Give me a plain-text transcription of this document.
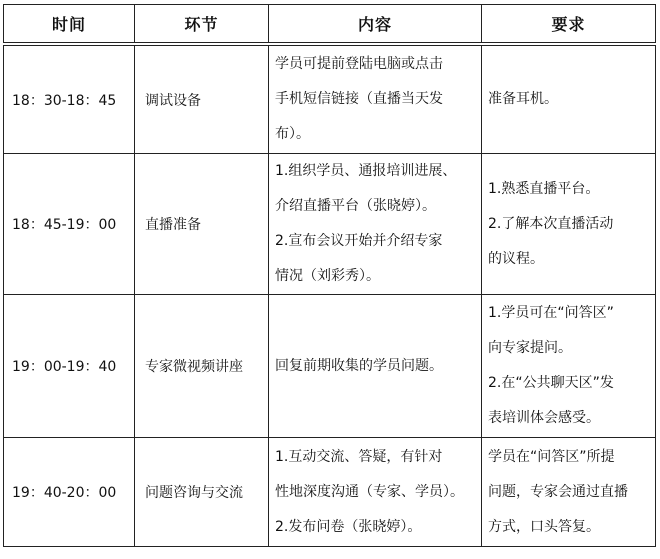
时间	环节	内容	要求
18：30-18：45	调试设备	学员可提前登陆电脑或点击
手机短信链接（直播当天发
布）。	准备耳机。

18：45-19：00	直播准备	1.组织学员、通报培训进展、
介绍直播平台（张晓婷）。
2.宣布会议开始并介绍专家
情况（刘彩秀）。	1.熟悉直播平台。
2.了解本次直播活动
的议程。

19：00-19：40	专家微视频讲座	回复前期收集的学员问题。	1.学员可在“问答区”
向专家提问。
2.在“公共聊天区”发
表培训体会感受。

19：40-20：00	问题咨询与交流	1.互动交流、答疑，有针对
性地深度沟通（专家、学员）。
2.发布问卷（张晓婷）。	学员在“问答区”所提
问题，专家会通过直播
方式，口头答复。
